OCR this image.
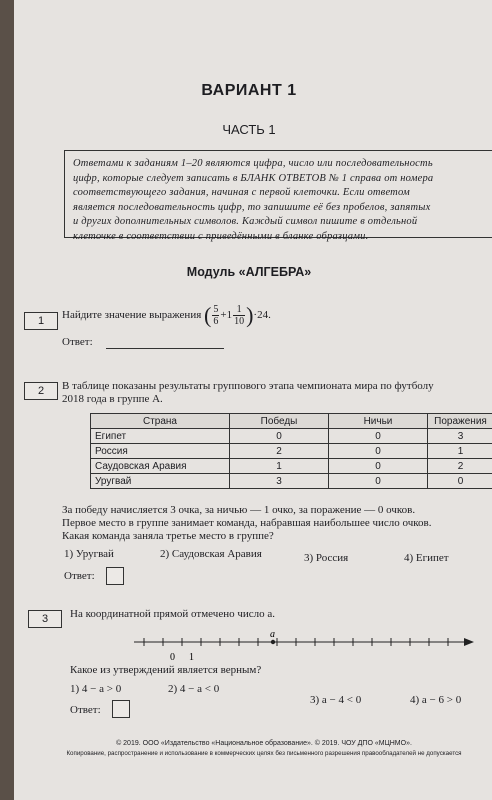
ВАРИАНТ 1
ЧАСТЬ 1
Ответами к заданиям 1–20 являются цифра, число или последовательность
цифр, которые следует записать в БЛАНК ОТВЕТОВ № 1 справа от номера
соответствующего задания, начиная с первой клеточки. Если ответом
является последовательность цифр, то запишите её без пробелов, запятых
и других дополнительных символов. Каждый символ пишите в отдельной
клеточке в соответствии с приведёнными в бланке образцами.
Модуль «АЛГЕБРА»
1	Найдите значение выражения ( $\frac{5}{6} +1 \frac{1}{10} )\cdot 24$.
Ответ:
2	В таблице показаны результаты группового этапа чемпионата мира по футболу
2018 года в группе А.
Страна	Победы	Ничьи	Поражения
Египет	0	0	3
Россия	2	0	1
Саудовская Аравия	1	0	2
Уругвай	3	0	0
За победу начисляется 3 очка, за ничью — 1 очко, за поражение — 0 очков.
Первое место в группе занимает команда, набравшая наибольшее число очков.
Какая команда заняла третье место в группе?
1) Уругвай	2) Саудовская Аравия	3) Россия	4) Египет
Ответ:
3	На координатной прямой отмечено число a.
0 1
a
Какое из утверждений является верным?
1) 4 − a > 0	2) 4 − a < 0
3) a − 4 < 0	4) a − 6 > 0
Ответ:
© 2019. ООО «Издательство «Национальное образование». © 2019. ЧОУ ДПО «МЦНМО».
Копирование, распространение и использование в коммерческих целях без письменного разрешения правообладателей не допускается
